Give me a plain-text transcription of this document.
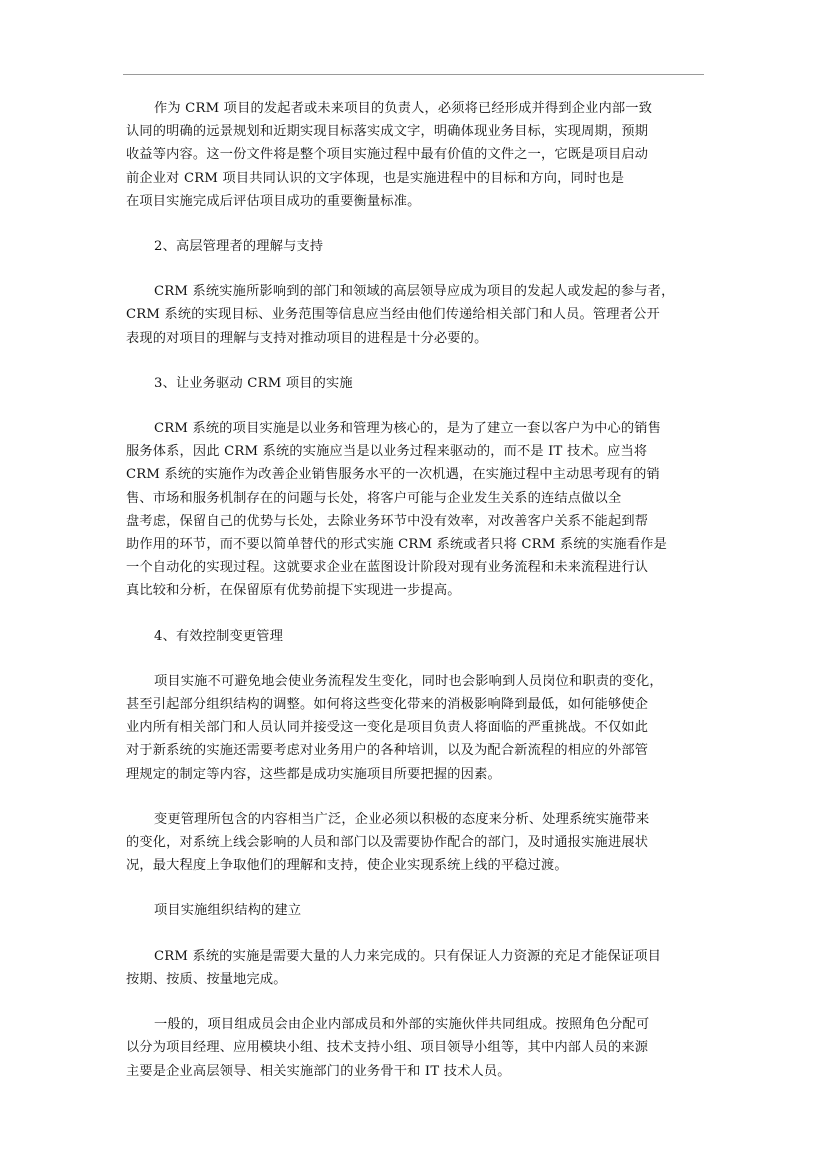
作为 CRM 项目的发起者或未来项目的负责人，必须将已经形成并得到企业内部一致
认同的明确的远景规划和近期实现目标落实成文字，明确体现业务目标，实现周期，预期
收益等内容。这一份文件将是整个项目实施过程中最有价值的文件之一，它既是项目启动
前企业对 CRM 项目共同认识的文字体现，也是实施进程中的目标和方向，同时也是
在项目实施完成后评估项目成功的重要衡量标准。
2、高层管理者的理解与支持
CRM 系统实施所影响到的部门和领域的高层领导应成为项目的发起人或发起的参与者，
CRM 系统的实现目标、业务范围等信息应当经由他们传递给相关部门和人员。管理者公开
表现的对项目的理解与支持对推动项目的进程是十分必要的。
3、让业务驱动 CRM 项目的实施
CRM 系统的项目实施是以业务和管理为核心的，是为了建立一套以客户为中心的销售
服务体系，因此 CRM 系统的实施应当是以业务过程来驱动的，而不是 IT 技术。应当将
CRM 系统的实施作为改善企业销售服务水平的一次机遇，在实施过程中主动思考现有的销
售、市场和服务机制存在的问题与长处，将客户可能与企业发生关系的连结点做以全
盘考虑，保留自己的优势与长处，去除业务环节中没有效率，对改善客户关系不能起到帮
助作用的环节，而不要以简单替代的形式实施 CRM 系统或者只将 CRM 系统的实施看作是
一个自动化的实现过程。这就要求企业在蓝图设计阶段对现有业务流程和未来流程进行认
真比较和分析，在保留原有优势前提下实现进一步提高。
4、有效控制变更管理
项目实施不可避免地会使业务流程发生变化，同时也会影响到人员岗位和职责的变化，
甚至引起部分组织结构的调整。如何将这些变化带来的消极影响降到最低，如何能够使企
业内所有相关部门和人员认同并接受这一变化是项目负责人将面临的严重挑战。不仅如此
对于新系统的实施还需要考虑对业务用户的各种培训，以及为配合新流程的相应的外部管
理规定的制定等内容，这些都是成功实施项目所要把握的因素。
变更管理所包含的内容相当广泛，企业必须以积极的态度来分析、处理系统实施带来
的变化，对系统上线会影响的人员和部门以及需要协作配合的部门，及时通报实施进展状
况，最大程度上争取他们的理解和支持，使企业实现系统上线的平稳过渡。
项目实施组织结构的建立
CRM 系统的实施是需要大量的人力来完成的。只有保证人力资源的充足才能保证项目
按期、按质、按量地完成。
一般的，项目组成员会由企业内部成员和外部的实施伙伴共同组成。按照角色分配可
以分为项目经理、应用模块小组、技术支持小组、项目领导小组等，其中内部人员的来源
主要是企业高层领导、相关实施部门的业务骨干和 IT 技术人员。
